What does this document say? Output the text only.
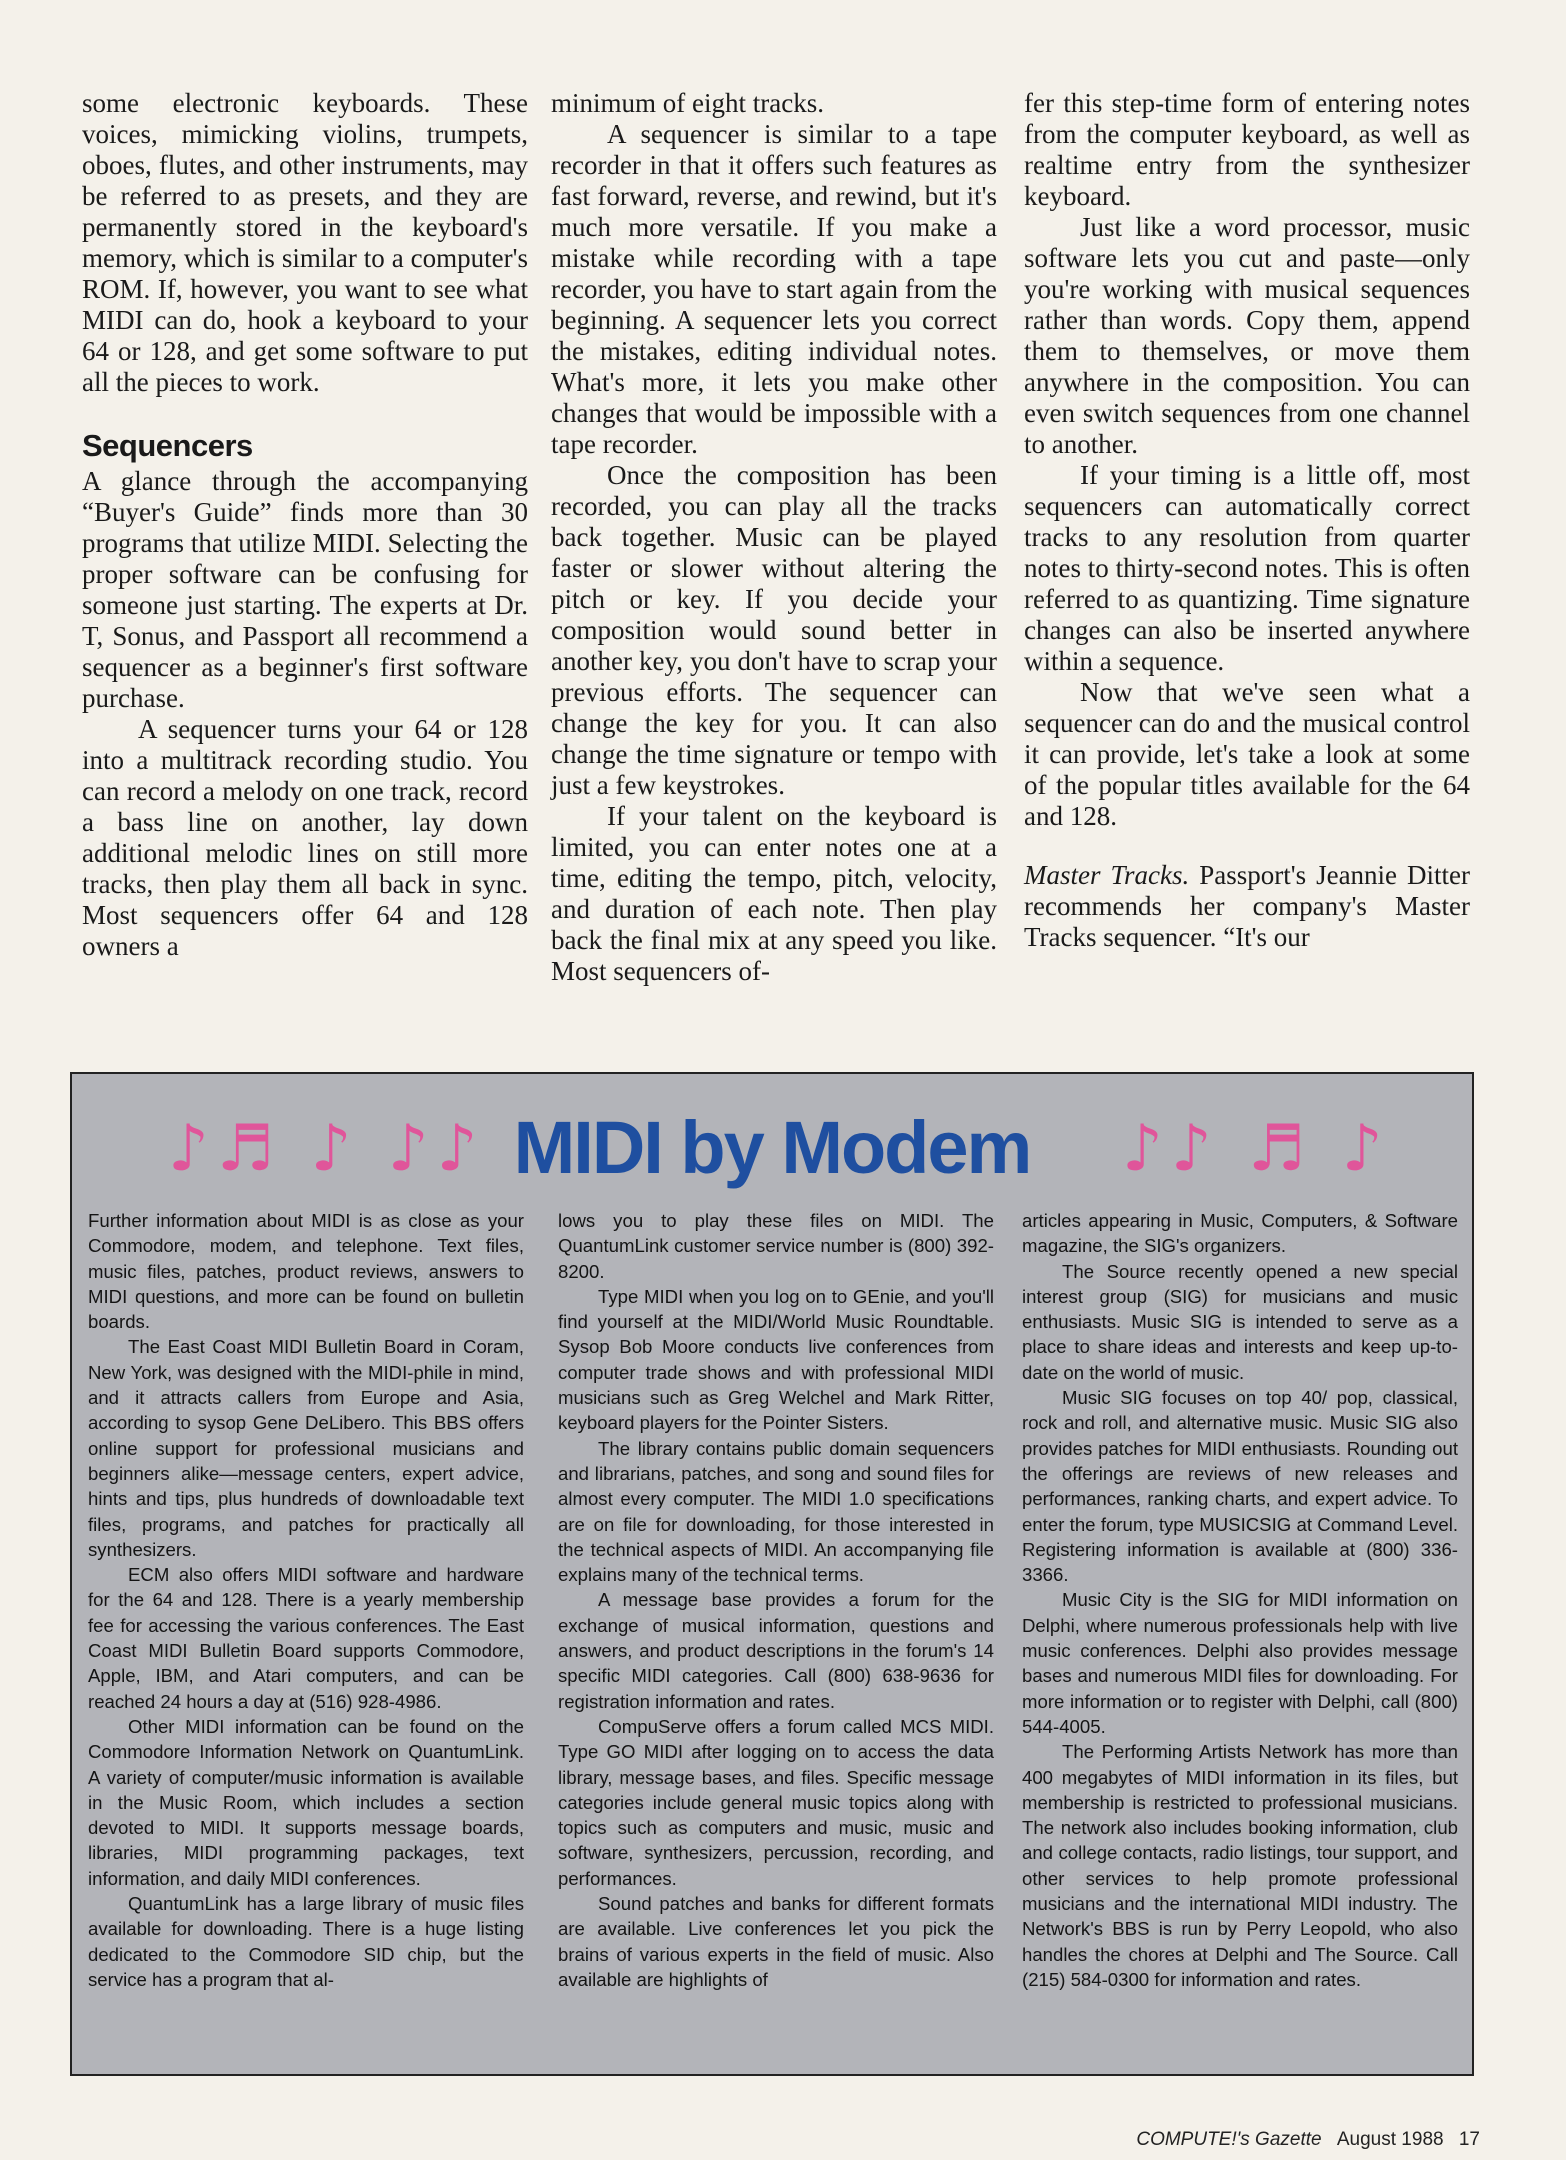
some electronic keyboards. These voices, mimicking violins, trumpets, oboes, flutes, and other instruments, may be referred to as presets, and they are permanently stored in the keyboard's memory, which is similar to a computer's ROM. If, however, you want to see what MIDI can do, hook a keyboard to your 64 or 128, and get some software to put all the pieces to work.

Sequencers

A glance through the accompanying “Buyer's Guide” finds more than 30 programs that utilize MIDI. Selecting the proper software can be confusing for someone just starting. The experts at Dr. T, Sonus, and Passport all recommend a sequencer as a beginner's first software purchase.

A sequencer turns your 64 or 128 into a multitrack recording studio. You can record a melody on one track, record a bass line on another, lay down additional melodic lines on still more tracks, then play them all back in sync. Most sequencers offer 64 and 128 owners a

minimum of eight tracks.

A sequencer is similar to a tape recorder in that it offers such features as fast forward, reverse, and rewind, but it's much more versatile. If you make a mistake while recording with a tape recorder, you have to start again from the beginning. A sequencer lets you correct the mistakes, editing individual notes. What's more, it lets you make other changes that would be impossible with a tape recorder.

Once the composition has been recorded, you can play all the tracks back together. Music can be played faster or slower without altering the pitch or key. If you decide your composition would sound better in another key, you don't have to scrap your previous efforts. The sequencer can change the key for you. It can also change the time signature or tempo with just a few keystrokes.

If your talent on the keyboard is limited, you can enter notes one at a time, editing the tempo, pitch, velocity, and duration of each note. Then play back the final mix at any speed you like. Most sequencers of-

fer this step-time form of entering notes from the computer keyboard, as well as realtime entry from the synthesizer keyboard.

Just like a word processor, music software lets you cut and paste—only you're working with musical sequences rather than words. Copy them, append them to themselves, or move them anywhere in the composition. You can even switch sequences from one channel to another.

If your timing is a little off, most sequencers can automatically correct tracks to any resolution from quarter notes to thirty-second notes. This is often referred to as quantizing. Time signature changes can also be inserted anywhere within a sequence.

Now that we've seen what a sequencer can do and the musical control it can provide, let's take a look at some of the popular titles available for the 64 and 128.

Master Tracks. Passport's Jeannie Ditter recommends her company's Master Tracks sequencer. “It's our

♪♬ ♪ ♪♪ MIDI by Modem	♪♪ ♬ ♪

Further information about MIDI is as close as your Commodore, modem, and telephone. Text files, music files, patches, product reviews, answers to MIDI questions, and more can be found on bulletin boards.

The East Coast MIDI Bulletin Board in Coram, New York, was designed with the MIDI-phile in mind, and it attracts callers from Europe and Asia, according to sysop Gene DeLibero. This BBS offers online support for professional musicians and beginners alike—message centers, expert advice, hints and tips, plus hundreds of downloadable text files, programs, and patches for practically all synthesizers.

ECM also offers MIDI software and hardware for the 64 and 128. There is a yearly membership fee for accessing the various conferences. The East Coast MIDI Bulletin Board supports Commodore, Apple, IBM, and Atari computers, and can be reached 24 hours a day at (516) 928-4986.

Other MIDI information can be found on the Commodore Information Network on QuantumLink. A variety of computer/music information is available in the Music Room, which includes a section devoted to MIDI. It supports message boards, libraries, MIDI programming packages, text information, and daily MIDI conferences.

QuantumLink has a large library of music files available for downloading. There is a huge listing dedicated to the Commodore SID chip, but the service has a program that al-

lows you to play these files on MIDI. The QuantumLink customer service number is (800) 392-8200.

Type MIDI when you log on to GEnie, and you'll find yourself at the MIDI/World Music Roundtable. Sysop Bob Moore conducts live conferences from computer trade shows and with professional MIDI musicians such as Greg Welchel and Mark Ritter, keyboard players for the Pointer Sisters.

The library contains public domain sequencers and librarians, patches, and song and sound files for almost every computer. The MIDI 1.0 specifications are on file for downloading, for those interested in the technical aspects of MIDI. An accompanying file explains many of the technical terms.

A message base provides a forum for the exchange of musical information, questions and answers, and product descriptions in the forum's 14 specific MIDI categories. Call (800) 638-9636 for registration information and rates.

CompuServe offers a forum called MCS MIDI. Type GO MIDI after logging on to access the data library, message bases, and files. Specific message categories include general music topics along with topics such as computers and music, music and software, synthesizers, percussion, recording, and performances.

Sound patches and banks for different formats are available. Live conferences let you pick the brains of various experts in the field of music. Also available are highlights of

articles appearing in Music, Computers, & Software magazine, the SIG's organizers.

The Source recently opened a new special interest group (SIG) for musicians and music enthusiasts. Music SIG is intended to serve as a place to share ideas and interests and keep up-to-date on the world of music.

Music SIG focuses on top 40/ pop, classical, rock and roll, and alternative music. Music SIG also provides patches for MIDI enthusiasts. Rounding out the offerings are reviews of new releases and performances, ranking charts, and expert advice. To enter the forum, type MUSICSIG at Command Level. Registering information is available at (800) 336-3366.

Music City is the SIG for MIDI information on Delphi, where numerous professionals help with live music conferences. Delphi also provides message bases and numerous MIDI files for downloading. For more information or to register with Delphi, call (800) 544-4005.

The Performing Artists Network has more than 400 megabytes of MIDI information in its files, but membership is restricted to professional musicians. The network also includes booking information, club and college contacts, radio listings, tour support, and other services to help promote professional musicians and the international MIDI industry. The Network's BBS is run by Perry Leopold, who also handles the chores at Delphi and The Source. Call (215) 584-0300 for information and rates.

COMPUTE!'s Gazette August 1988 17
